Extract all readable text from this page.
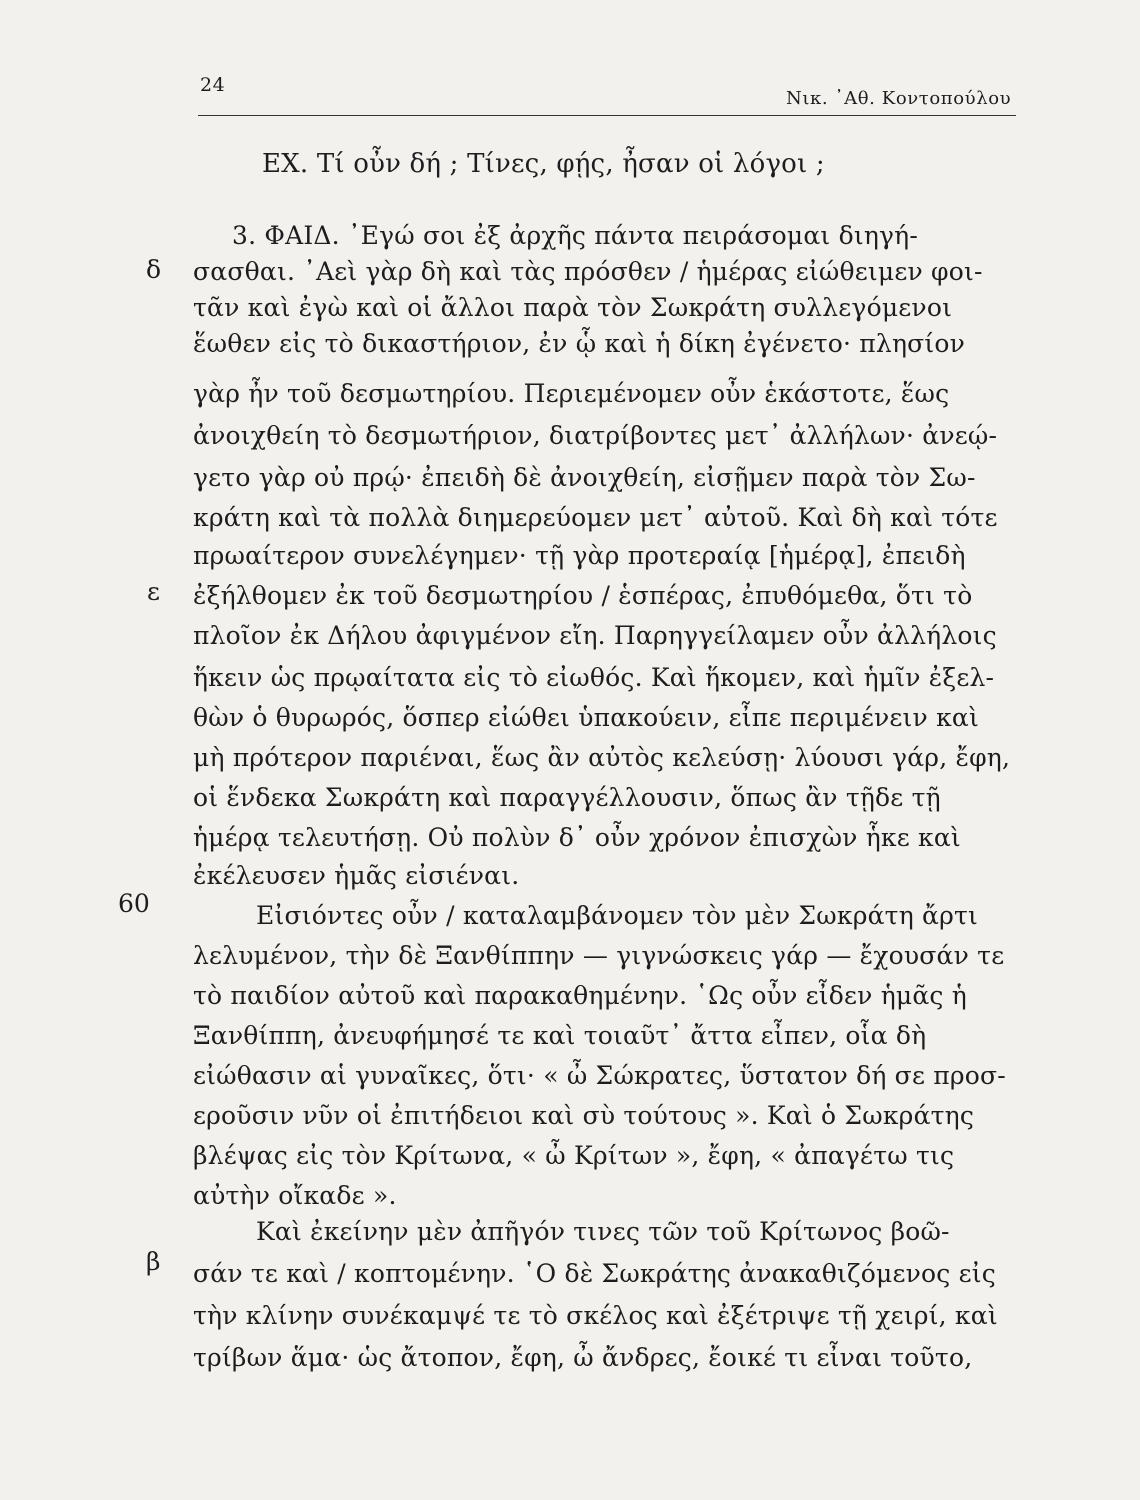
24
Νικ. ᾿Αθ. Κοντοπούλου
δ
ε
60
β
ΕΧ. Τί οὖν δή ; Τίνες, φῄς, ἦσαν οἱ λόγοι ;
3. ΦΑΙΔ. ᾿Εγώ σοι ἐξ ἀρχῆς πάντα πειράσομαι διηγή-
σασθαι. ᾿Αεὶ γὰρ δὴ καὶ τὰς πρόσθεν / ἡμέρας εἰώθειμεν φοι-
τᾶν καὶ ἐγὼ καὶ οἱ ἄλλοι παρὰ τὸν Σωκράτη συλλεγόμενοι
ἕωθεν εἰς τὸ δικαστήριον, ἐν ᾧ καὶ ἡ δίκη ἐγένετο· πλησίον
γὰρ ἦν τοῦ δεσμωτηρίου. Περιεμένομεν οὖν ἑκάστοτε, ἕως
ἀνοιχθείη τὸ δεσμωτήριον, διατρίβοντες μετ᾿ ἀλλήλων· ἀνεῴ-
γετο γὰρ οὐ πρῴ· ἐπειδὴ δὲ ἀνοιχθείη, εἰσῇμεν παρὰ τὸν Σω-
κράτη καὶ τὰ πολλὰ διημερεύομεν μετ᾿ αὐτοῦ. Καὶ δὴ καὶ τότε
πρωαίτερον συνελέγημεν· τῇ γὰρ προτεραίᾳ [ἡμέρᾳ], ἐπειδὴ
ἐξήλθομεν ἐκ τοῦ δεσμωτηρίου / ἑσπέρας, ἐπυθόμεθα, ὅτι τὸ
πλοῖον ἐκ Δήλου ἀφιγμένον εἴη. Παρηγγείλαμεν οὖν ἀλλήλοις
ἥκειν ὡς πρῳαίτατα εἰς τὸ εἰωθός. Καὶ ἥκομεν, καὶ ἡμῖν ἐξελ-
θὼν ὁ θυρωρός, ὅσπερ εἰώθει ὑπακούειν, εἶπε περιμένειν καὶ
μὴ πρότερον παριέναι, ἕως ἂν αὐτὸς κελεύσῃ· λύουσι γάρ, ἔφη,
οἱ ἕνδεκα Σωκράτη καὶ παραγγέλλουσιν, ὅπως ἂν τῇδε τῇ
ἡμέρᾳ τελευτήσῃ. Οὐ πολὺν δ᾿ οὖν χρόνον ἐπισχὼν ἧκε καὶ
ἐκέλευσεν ἡμᾶς εἰσιέναι.
Εἰσιόντες οὖν / καταλαμβάνομεν τὸν μὲν Σωκράτη ἄρτι
λελυμένον, τὴν δὲ Ξανθίππην — γιγνώσκεις γάρ — ἔχουσάν τε
τὸ παιδίον αὐτοῦ καὶ παρακαθημένην. ῾Ως οὖν εἶδεν ἡμᾶς ἡ
Ξανθίππη, ἀνευφήμησέ τε καὶ τοιαῦτ᾿ ἄττα εἶπεν, οἷα δὴ
εἰώθασιν αἱ γυναῖκες, ὅτι· « ὦ Σώκρατες, ὕστατον δή σε προσ-
εροῦσιν νῦν οἱ ἐπιτήδειοι καὶ σὺ τούτους ». Καὶ ὁ Σωκράτης
βλέψας εἰς τὸν Κρίτωνα, « ὦ Κρίτων », ἔφη, « ἀπαγέτω τις
αὐτὴν οἴκαδε ».
Καὶ ἐκείνην μὲν ἀπῆγόν τινες τῶν τοῦ Κρίτωνος βοῶ-
σάν τε καὶ / κοπτομένην. ῾Ο δὲ Σωκράτης ἀνακαθιζόμενος εἰς
τὴν κλίνην συνέκαμψέ τε τὸ σκέλος καὶ ἐξέτριψε τῇ χειρί, καὶ
τρίβων ἅμα· ὡς ἄτοπον, ἔφη, ὦ ἄνδρες, ἔοικέ τι εἶναι τοῦτο,
